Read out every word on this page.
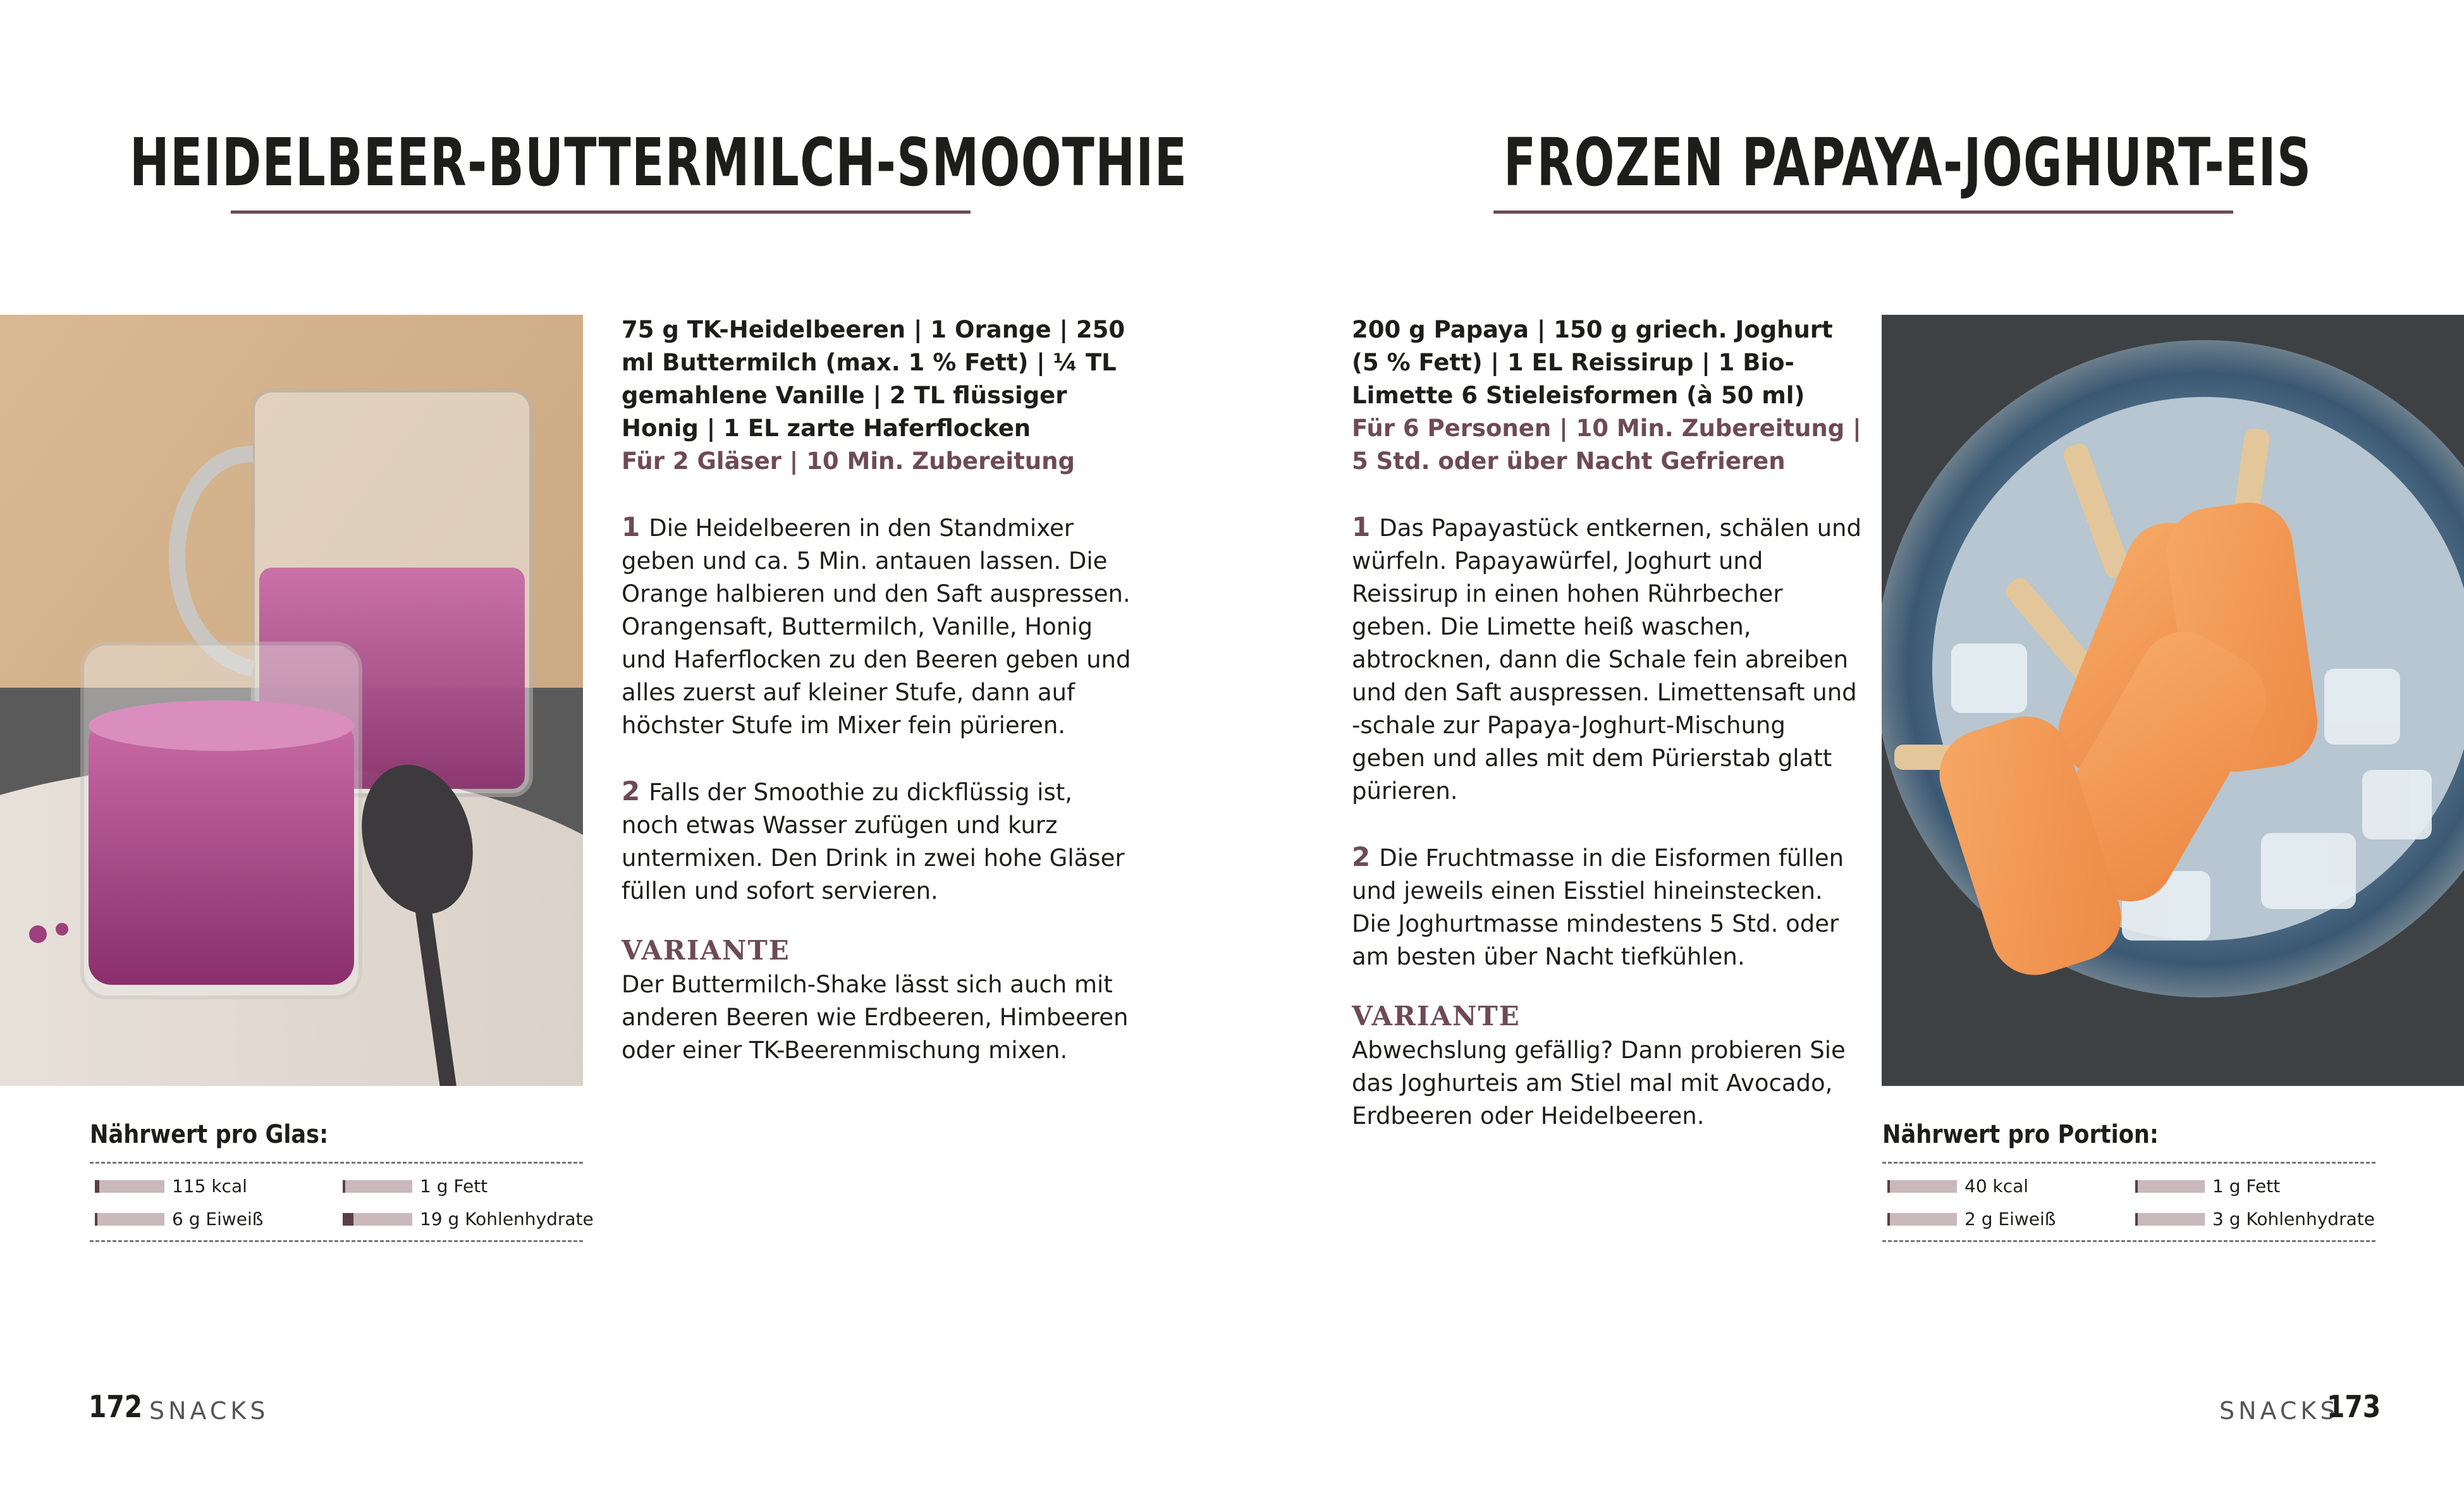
HEIDELBEER-BUTTERMILCH-SMOOTHIE

75 g TK-Heidelbeeren | 1 Orange | 250 ml Buttermilch (max. 1 % Fett) | ¼ TL gemahlene Vanille | 2 TL flüssiger Honig | 1 EL zarte Haferflocken

Für 2 Gläser | 10 Min. Zubereitung

1 Die Heidelbeeren in den Standmixer geben und ca. 5 Min. antauen lassen. Die Orange halbieren und den Saft auspressen. Orangensaft, Buttermilch, Vanille, Honig und Haferflocken zu den Beeren geben und alles zuerst auf kleiner Stufe, dann auf höchster Stufe im Mixer fein pürieren.

2 Falls der Smoothie zu dickflüssig ist, noch etwas Wasser zufügen und kurz untermixen. Den Drink in zwei hohe Gläser füllen und sofort servieren.

VARIANTE

Der Buttermilch-Shake lässt sich auch mit anderen Beeren wie Erdbeeren, Himbeeren oder einer TK-Beerenmischung mixen.

Nährwert pro Glas:
115 kcal	1 g Fett
6 g Eiweiß	19 g Kohlenhydrate
172 SNACKS
FROZEN PAPAYA-JOGHURT-EIS

200 g Papaya | 150 g griech. Joghurt (5 % Fett) | 1 EL Reissirup | 1 Bio-Limette 6 Stieleisformen (à 50 ml)

Für 6 Personen | 10 Min. Zubereitung | 5 Std. oder über Nacht Gefrieren

1 Das Papayastück entkernen, schälen und würfeln. Papayawürfel, Joghurt und Reissirup in einen hohen Rührbecher geben. Die Limette heiß waschen, abtrocknen, dann die Schale fein abreiben und den Saft auspressen. Limettensaft und -schale zur Papaya-Joghurt-Mischung geben und alles mit dem Pürierstab glatt pürieren.

2 Die Fruchtmasse in die Eisformen füllen und jeweils einen Eisstiel hineinstecken. Die Joghurtmasse mindestens 5 Std. oder am besten über Nacht tiefkühlen.

VARIANTE

Abwechslung gefällig? Dann probieren Sie das Joghurteis am Stiel mal mit Avocado, Erdbeeren oder Heidelbeeren.

Nährwert pro Portion:
40 kcal	1 g Fett
2 g Eiweiß	3 g Kohlenhydrate
SNACKS
173
